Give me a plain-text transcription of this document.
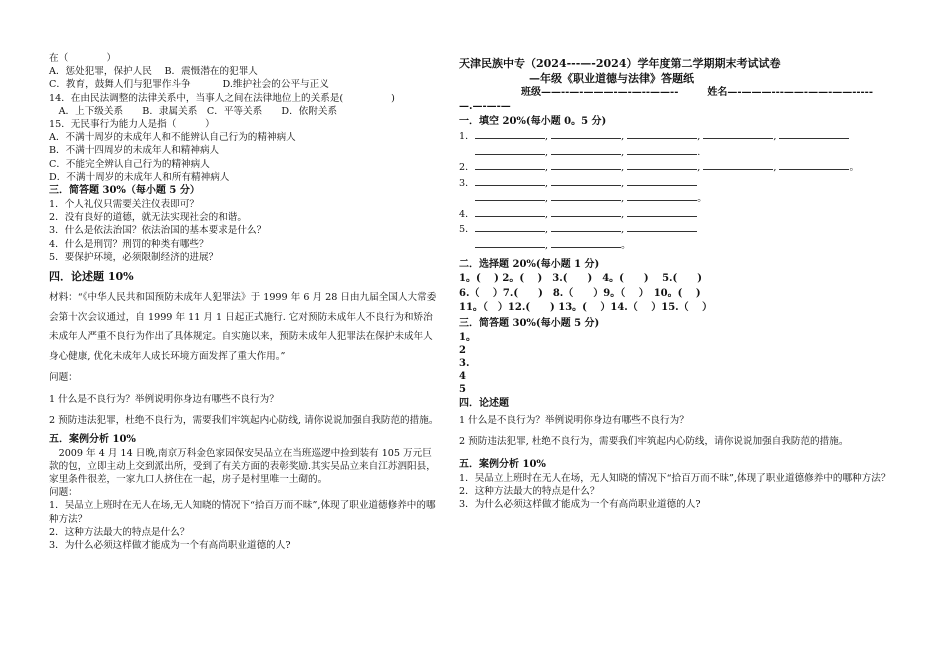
在（　　　　）
A．惩处犯罪，保护人民　 B．震慑潜在的犯罪人
C．教育，鼓舞人们与犯罪作斗争　　　 D.维护社会的公平与正义
14．在由民法调整的法律关系中，当事人之间在法律地位上的关系是(　　　　　)
　A．上下级关系　　B．隶属关系　C．平等关系　　D．依附关系
15．无民事行为能力人是指（　　　）
A．不满十周岁的未成年人和不能辨认自己行为的精神病人
B．不满十四周岁的未成年人和精神病人
C．不能完全辨认自己行为的精神病人
D．不满十周岁的未成年人和所有精神病人
三．简答题 30%（每小题 5 分）
1．个人礼仪只需要关注仪表即可？
2．没有良好的道德，就无法实现社会的和谐。
3．什么是依法治国？依法治国的基本要求是什么？
4．什么是刑罚？刑罚的种类有哪些？
5．要保护环境，必须限制经济的进展？
四．论述题 10%
材料：“《中华人民共和国预防未成年人犯罪法》于 1999 年 6 月 28 日由九届全国人大常委会第十次会议通过，自 1999 年 11 月 1 日起正式施行. 它对预防未成年人不良行为和矫治未成年人严重不良行为作出了具体规定。自实施以来，预防未成年人犯罪法在保护未成年人身心健康, 优化未成年人成长环境方面发挥了重大作用。”
问题：
1 什么是不良行为？举例说明你身边有哪些不良行为？
2 预防违法犯罪，杜绝不良行为，需要我们牢筑起内心防线, 请你说说加强自我防范的措施。
五．案例分析 10%
　2009 年 4 月 14 日晚,南京万科金色家园保安吴品立在当班巡逻中捡到装有 105 万元巨款的包，立即主动上交到派出所，受到了有关方面的表彰奖励.其实吴品立来自江苏泗阳县，家里条件很差，一家九口人挤住在一起，房子是村里唯一土砌的。
问题：
1．吴品立上班时在无人在场,无人知晓的情况下“拾百万而不昧”,体现了职业道德修养中的哪种方法？
2．这种方法最大的特点是什么？
3．为什么必须这样做才能成为一个有高尚职业道德的人?
天津民族中专（2024---—-2024）学年度第二学期期末考试试卷
—年级《职业道德与法律》答题纸
班级——--—-———-—-—--——--	姓名—-———---——-——-——-----
—.—-—-—
一．填空 20%(每小题 0。5 分)
1．	,	,	,	,
,	,	.
2．	,	,	,	,	。
3．	,	,
,	,	。
4．	,	,
5．	,	,
,	。
二．选择题 20%(每小题 1 分)
1。(　 ) 2。(　 )　3.(　　)　4。(　　)　 5.(　　)
6.（　 ）7.(　　)　8.（　　）9。（　 ）　10。(　 )
11。（　）12.(　　) 13。(　 ）14.（　 ）15.（　 ）
三．简答题 30%(每小题 5 分)
1。
2
3.
4
5
四．论述题
1 什么是不良行为？举例说明你身边有哪些不良行为？
2 预防违法犯罪, 杜绝不良行为，需要我们牢筑起内心防线，请你说说加强自我防范的措施。
五．案例分析 10%
1．吴品立上班时在无人在场，无人知晓的情况下“拾百万而不昧”,体现了职业道德修养中的哪种方法？
2．这种方法最大的特点是什么？
3．为什么必须这样做才能成为一个有高尚职业道德的人?
